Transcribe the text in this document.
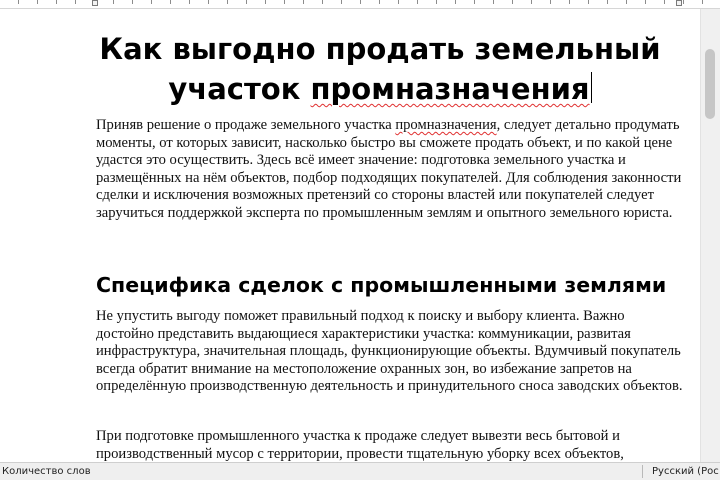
Как выгодно продать земельный
участок промназначения

Приняв решение о продаже земельного участка промназначения, следует детально продумать моменты, от которых зависит, насколько быстро вы сможете продать объект, и по какой цене удастся это осуществить. Здесь всё имеет значение: подготовка земельного участка и размещённых на нём объектов, подбор подходящих покупателей. Для соблюдения законности сделки и исключения возможных претензий со стороны властей или покупателей следует заручиться поддержкой эксперта по промышленным землям и опытного земельного юриста.

Специфика сделок с промышленными землями

Не упустить выгоду поможет правильный подход к поиску и выбору клиента. Важно достойно представить выдающиеся характеристики участка: коммуникации, развитая инфраструктура, значительная площадь, функционирующие объекты. Вдумчивый покупатель всегда обратит внимание на местоположение охранных зон, во избежание запретов на определённую производственную деятельность и принудительного сноса заводских объектов.

При подготовке промышленного участка к продаже следует вывезти весь бытовой и производственный мусор с территории, провести тщательную уборку всех объектов,

Количество слов	Русский (Рос
